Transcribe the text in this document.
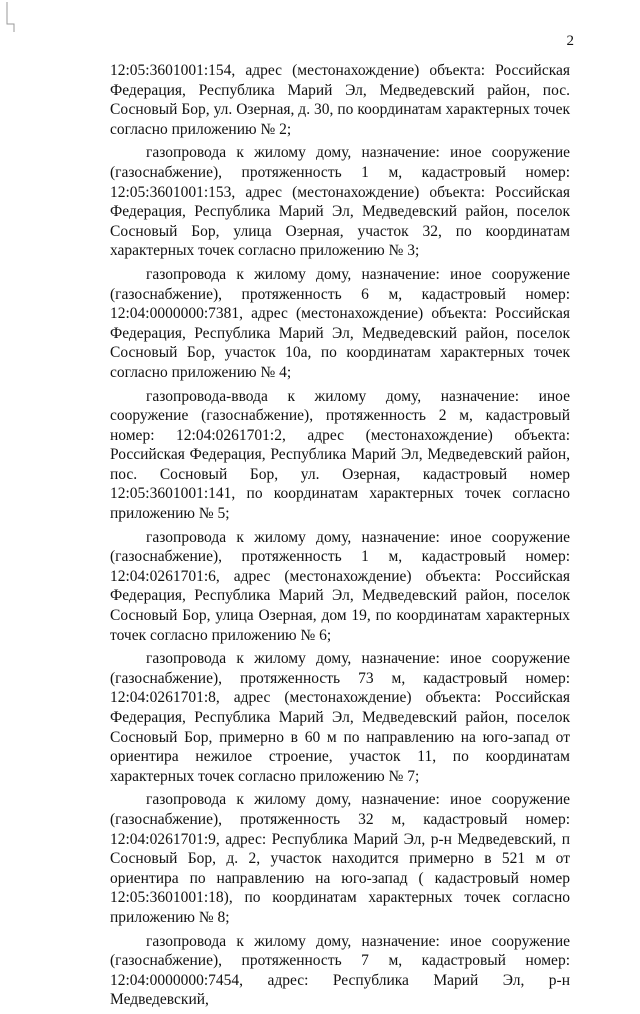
2

12:05:3601001:154, адрес (местонахождение) объекта: Российская Федерация, Республика Марий Эл, Медведевский район, пос. Сосновый Бор, ул. Озерная, д. 30, по координатам характерных точек согласно приложению № 2;

газопровода к жилому дому, назначение: иное сооружение (газоснабжение), протяженность 1 м, кадастровый номер: 12:05:3601001:153, адрес (местонахождение) объекта: Российская Федерация, Республика Марий Эл, Медведевский район, поселок Сосновый Бор, улица Озерная, участок 32, по координатам характерных точек согласно приложению № 3;

газопровода к жилому дому, назначение: иное сооружение (газоснабжение), протяженность 6 м, кадастровый номер: 12:04:0000000:7381, адрес (местонахождение) объекта: Российская Федерация, Республика Марий Эл, Медведевский район, поселок Сосновый Бор, участок 10а, по координатам характерных точек согласно приложению № 4;

газопровода-ввода к жилому дому, назначение: иное сооружение (газоснабжение), протяженность 2 м, кадастровый номер: 12:04:0261701:2, адрес (местонахождение) объекта: Российская Федерация, Республика Марий Эл, Медведевский район, пос. Сосновый Бор, ул. Озерная, кадастровый номер 12:05:3601001:141, по координатам характерных точек согласно приложению № 5;

газопровода к жилому дому, назначение: иное сооружение (газоснабжение), протяженность 1 м, кадастровый номер: 12:04:0261701:6, адрес (местонахождение) объекта: Российская Федерация, Республика Марий Эл, Медведевский район, поселок Сосновый Бор, улица Озерная, дом 19, по координатам характерных точек согласно приложению № 6;

газопровода к жилому дому, назначение: иное сооружение (газоснабжение), протяженность 73 м, кадастровый номер: 12:04:0261701:8, адрес (местонахождение) объекта: Российская Федерация, Республика Марий Эл, Медведевский район, поселок Сосновый Бор, примерно в 60 м по направлению на юго-запад от ориентира нежилое строение, участок 11, по координатам характерных точек согласно приложению № 7;

газопровода к жилому дому, назначение: иное сооружение (газоснабжение), протяженность 32 м, кадастровый номер: 12:04:0261701:9, адрес: Республика Марий Эл, р-н Медведевский, п Сосновый Бор, д. 2, участок находится примерно в 521 м от ориентира по направлению на юго-запад ( кадастровый номер 12:05:3601001:18), по координатам характерных точек согласно приложению № 8;

газопровода к жилому дому, назначение: иное сооружение (газоснабжение), протяженность 7 м, кадастровый номер: 12:04:0000000:7454, адрес: Республика Марий Эл, р-н Медведевский,
